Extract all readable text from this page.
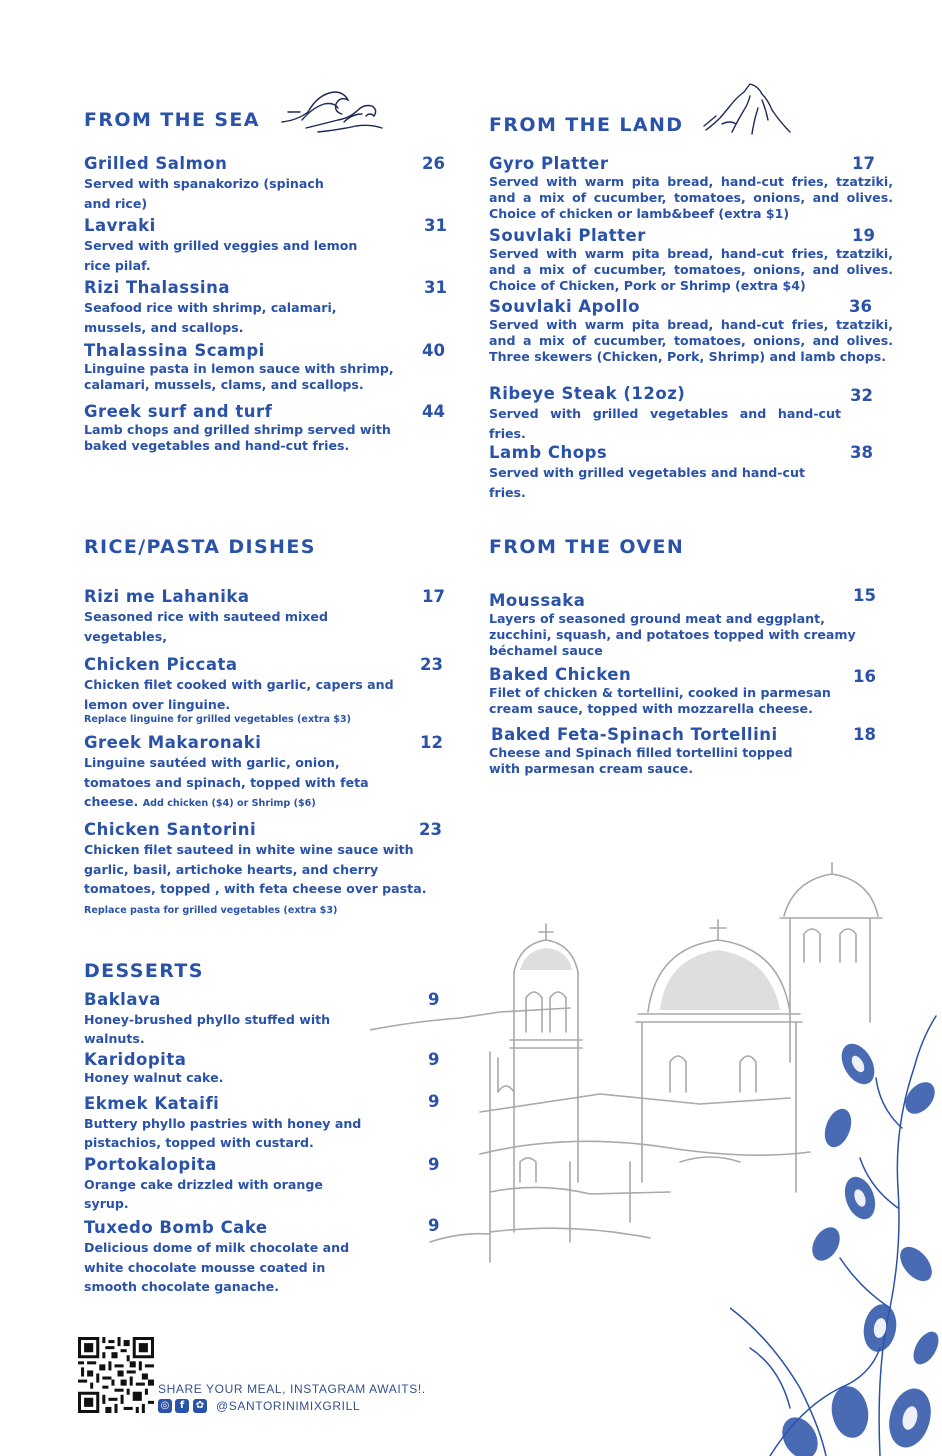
FROM THE SEA
Grilled Salmon
Served with spanakorizo (spinach and rice)
26
Lavraki
Served with grilled veggies and lemon rice pilaf.
31
Rizi Thalassina
Seafood rice with shrimp, calamari, mussels, and scallops.
31
Thalassina Scampi
Linguine pasta in lemon sauce with shrimp, calamari, mussels, clams, and scallops.
40
Greek surf and turf
Lamb chops and grilled shrimp served with baked vegetables and hand-cut fries.
44
FROM THE LAND
Gyro Platter
Served with warm pita bread, hand-cut fries, tzatziki, and a mix of cucumber, tomatoes, onions, and olives. Choice of chicken or lamb&beef (extra $1)
17
Souvlaki Platter
Served with warm pita bread, hand-cut fries, tzatziki, and a mix of cucumber, tomatoes, onions, and olives. Choice of Chicken, Pork or Shrimp (extra $4)
19
Souvlaki Apollo
Served with warm pita bread, hand-cut fries, tzatziki, and a mix of cucumber, tomatoes, onions, and olives. Three skewers (Chicken, Pork, Shrimp) and lamb chops.
36
Ribeye Steak (12oz)
Served with grilled vegetables and hand-cut fries.
32
Lamb Chops
Served with grilled vegetables and hand-cut fries.
38
RICE/PASTA DISHES
Rizi me Lahanika
Seasoned rice with sauteed mixed vegetables,
17
Chicken Piccata
Chicken filet cooked with garlic, capers and lemon over linguine.
Replace linguine for grilled vegetables (extra $3)
23
Greek Makaronaki
Linguine sautéed with garlic, onion, tomatoes and spinach, topped with feta cheese. Add chicken ($4) or Shrimp ($6)
12
Chicken Santorini
Chicken filet sauteed in white wine sauce with garlic, basil, artichoke hearts, and cherry tomatoes, topped , with feta cheese over pasta. Replace pasta for grilled vegetables (extra $3)
23
FROM THE OVEN
Moussaka
Layers of seasoned ground meat and eggplant, zucchini, squash, and potatoes topped with creamy béchamel sauce
15
Baked Chicken
Filet of chicken & tortellini, cooked in parmesan cream sauce, topped with mozzarella cheese.
16
Baked Feta-Spinach Tortellini
Cheese and Spinach filled tortellini topped with parmesan cream sauce.
18
DESSERTS
Baklava
Honey-brushed phyllo stuffed with walnuts.
9
Karidopita
Honey walnut cake.
9
Ekmek Kataifi
Buttery phyllo pastries with honey and pistachios, topped with custard.
9
Portokalopita
Orange cake drizzled with orange syrup.
9
Tuxedo Bomb Cake
Delicious dome of milk chocolate and white chocolate mousse coated in smooth chocolate ganache.
9
SHARE YOUR MEAL, INSTAGRAM AWAITS!.
◎	f	✿ @SANTORINIMIXGRILL
